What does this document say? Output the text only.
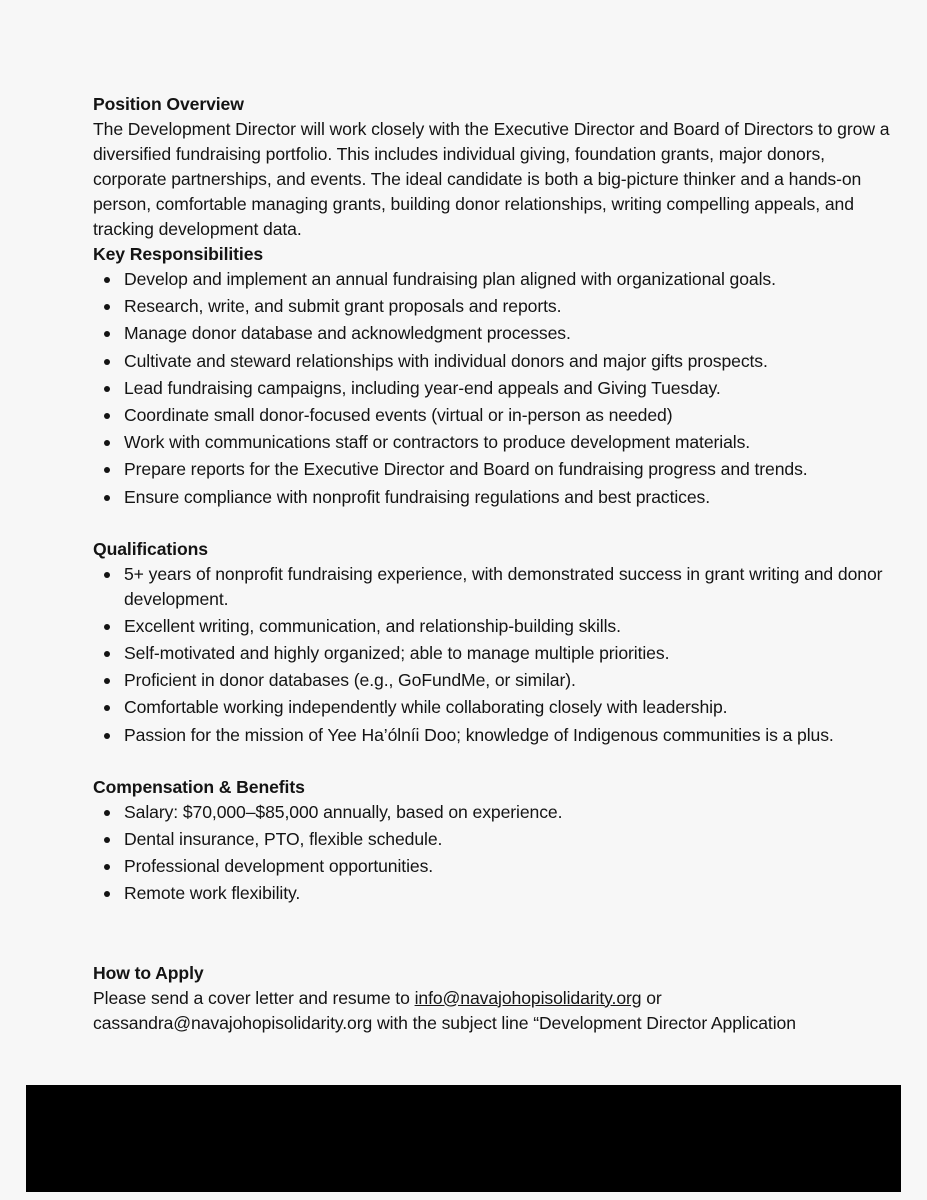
Position Overview

The Development Director will work closely with the Executive Director and Board of Directors to grow a diversified fundraising portfolio. This includes individual giving, foundation grants, major donors, corporate partnerships, and events. The ideal candidate is both a big-picture thinker and a hands-on person, comfortable managing grants, building donor relationships, writing compelling appeals, and tracking development data.

Key Responsibilities
Develop and implement an annual fundraising plan aligned with organizational goals.
Research, write, and submit grant proposals and reports.
Manage donor database and acknowledgment processes.
Cultivate and steward relationships with individual donors and major gifts prospects.
Lead fundraising campaigns, including year-end appeals and Giving Tuesday.
Coordinate small donor-focused events (virtual or in-person as needed)
Work with communications staff or contractors to produce development materials.
Prepare reports for the Executive Director and Board on fundraising progress and trends.
Ensure compliance with nonprofit fundraising regulations and best practices.
Qualifications
5+ years of nonprofit fundraising experience, with demonstrated success in grant writing and donor development.
Excellent writing, communication, and relationship-building skills.
Self-motivated and highly organized; able to manage multiple priorities.
Proficient in donor databases (e.g., GoFundMe, or similar).
Comfortable working independently while collaborating closely with leadership.
Passion for the mission of Yee Ha’ólníi Doo; knowledge of Indigenous communities is a plus.
Compensation & Benefits
Salary: $70,000–$85,000 annually, based on experience.
Dental insurance, PTO, flexible schedule.
Professional development opportunities.
Remote work flexibility.
How to Apply

Please send a cover letter and resume to info@navajohopisolidarity.org or cassandra@navajohopisolidarity.org with the subject line “Development Director Application
